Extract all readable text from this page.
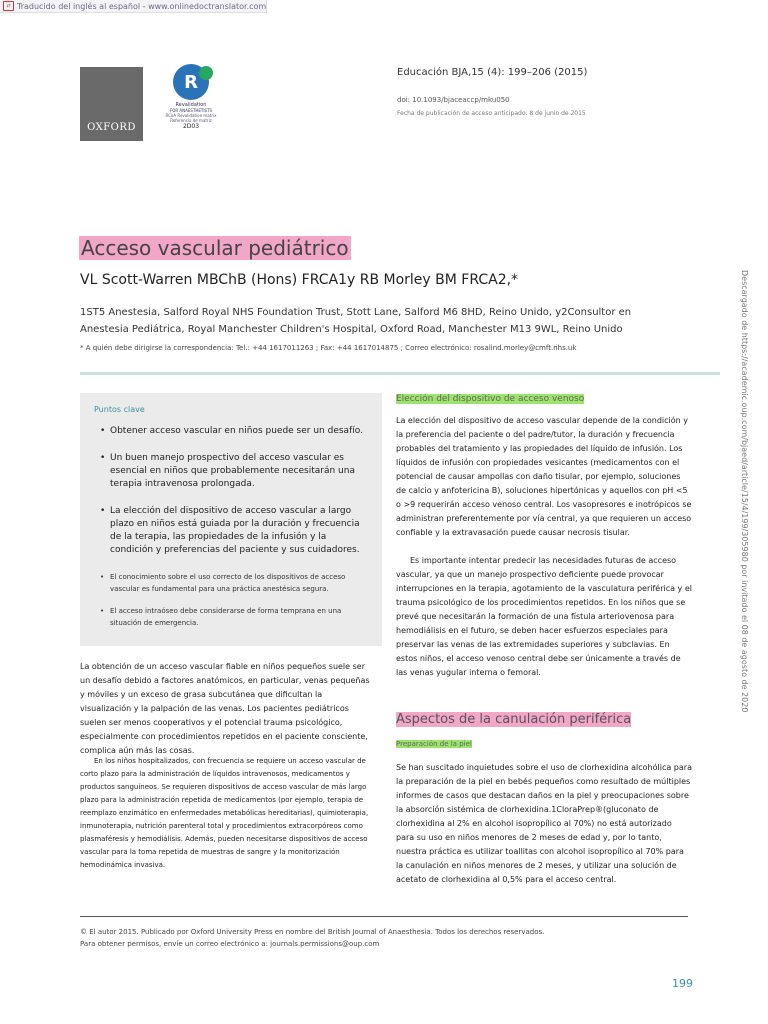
⇄ Traducido del inglés al español - www.onlinedoctranslator.com
OXFORD
R
Revalidation
FOR ANAESTHETISTS
RCoA Revalidation matrix
Referencia de matriz
2D03
Educación BJA,15 (4): 199–206 (2015)
doi: 10.1093/bjaceaccp/mku050
Fecha de publicación de acceso anticipado: 8 de junio de 2015
Acceso vascular pediátrico
VL Scott-Warren MBChB (Hons) FRCA1y RB Morley BM FRCA2,*
1ST5 Anestesia, Salford Royal NHS Foundation Trust, Stott Lane, Salford M6 8HD, Reino Unido, y2Consultor en Anestesia Pediátrica, Royal Manchester Children's Hospital, Oxford Road, Manchester M13 9WL, Reino Unido
* A quién debe dirigirse la correspondencia: Tel.: +44 1617011263 ; Fax: +44 1617014875 ; Correo electrónico: rosalind.morley@cmft.nhs.uk	Descargado de https://academic.oup.com/bjaed/article/15/4/199/305980 por invitado el 08 de agosto de 2020
Puntos clave
• Obtener acceso vascular en niños puede ser un desafío.
• Un buen manejo prospectivo del acceso vascular es esencial en niños que probablemente necesitarán una terapia intravenosa prolongada.
• La elección del dispositivo de acceso vascular a largo plazo en niños está guiada por la duración y frecuencia de la terapia, las propiedades de la infusión y la condición y preferencias del paciente y sus cuidadores.
• El conocimiento sobre el uso correcto de los dispositivos de acceso vascular es fundamental para una práctica anestésica segura.
• El acceso intraóseo debe considerarse de forma temprana en una situación de emergencia.

La obtención de un acceso vascular fiable en niños pequeños suele ser un desafío debido a factores anatómicos, en particular, venas pequeñas y móviles y un exceso de grasa subcutánea que dificultan la visualización y la palpación de las venas. Los pacientes pediátricos suelen ser menos cooperativos y el potencial trauma psicológico, especialmente con procedimientos repetidos en el paciente consciente, complica aún más las cosas.

En los niños hospitalizados, con frecuencia se requiere un acceso vascular de corto plazo para la administración de líquidos intravenosos, medicamentos y productos sanguíneos. Se requieren dispositivos de acceso vascular de más largo plazo para la administración repetida de medicamentos (por ejemplo, terapia de reemplazo enzimático en enfermedades metabólicas hereditarias), quimioterapia, inmunoterapia, nutrición parenteral total y procedimientos extracorpóreos como plasmaféresis y hemodiálisis. Además, pueden necesitarse dispositivos de acceso vascular para la toma repetida de muestras de sangre y la monitorización hemodinámica invasiva.

Elección del dispositivo de acceso venoso

La elección del dispositivo de acceso vascular depende de la condición y la preferencia del paciente o del padre/tutor, la duración y frecuencia probables del tratamiento y las propiedades del líquido de infusión. Los líquidos de infusión con propiedades vesicantes (medicamentos con el potencial de causar ampollas con daño tisular, por ejemplo, soluciones de calcio y anfotericina B), soluciones hipertónicas y aquellos con pH <5 o >9 requerirán acceso venoso central. Los vasopresores e inotrópicos se administran preferentemente por vía central, ya que requieren un acceso confiable y la extravasación puede causar necrosis tisular.

Es importante intentar predecir las necesidades futuras de acceso vascular, ya que un manejo prospectivo deficiente puede provocar interrupciones en la terapia, agotamiento de la vasculatura periférica y el trauma psicológico de los procedimientos repetidos. En los niños que se prevé que necesitarán la formación de una fístula arteriovenosa para hemodiálisis en el futuro, se deben hacer esfuerzos especiales para preservar las venas de las extremidades superiores y subclavias. En estos niños, el acceso venoso central debe ser únicamente a través de las venas yugular interna o femoral.

Aspectos de la canulación periférica

Preparación de la piel

Se han suscitado inquietudes sobre el uso de clorhexidina alcohólica para la preparación de la piel en bebés pequeños como resultado de múltiples informes de casos que destacan daños en la piel y preocupaciones sobre la absorción sistémica de clorhexidina.1ClorаPrep®(gluconato de clorhexidina al 2% en alcohol isopropílico al 70%) no está autorizado para su uso en niños menores de 2 meses de edad y, por lo tanto, nuestra práctica es utilizar toallitas con alcohol isopropílico al 70% para la canulación en niños menores de 2 meses, y utilizar una solución de acetato de clorhexidina al 0,5% para el acceso central.

© El autor 2015. Publicado por Oxford University Press en nombre del British Journal of Anaesthesia. Todos los derechos reservados. Para obtener permisos, envíe un correo electrónico a: journals.permissions@oup.com
199
